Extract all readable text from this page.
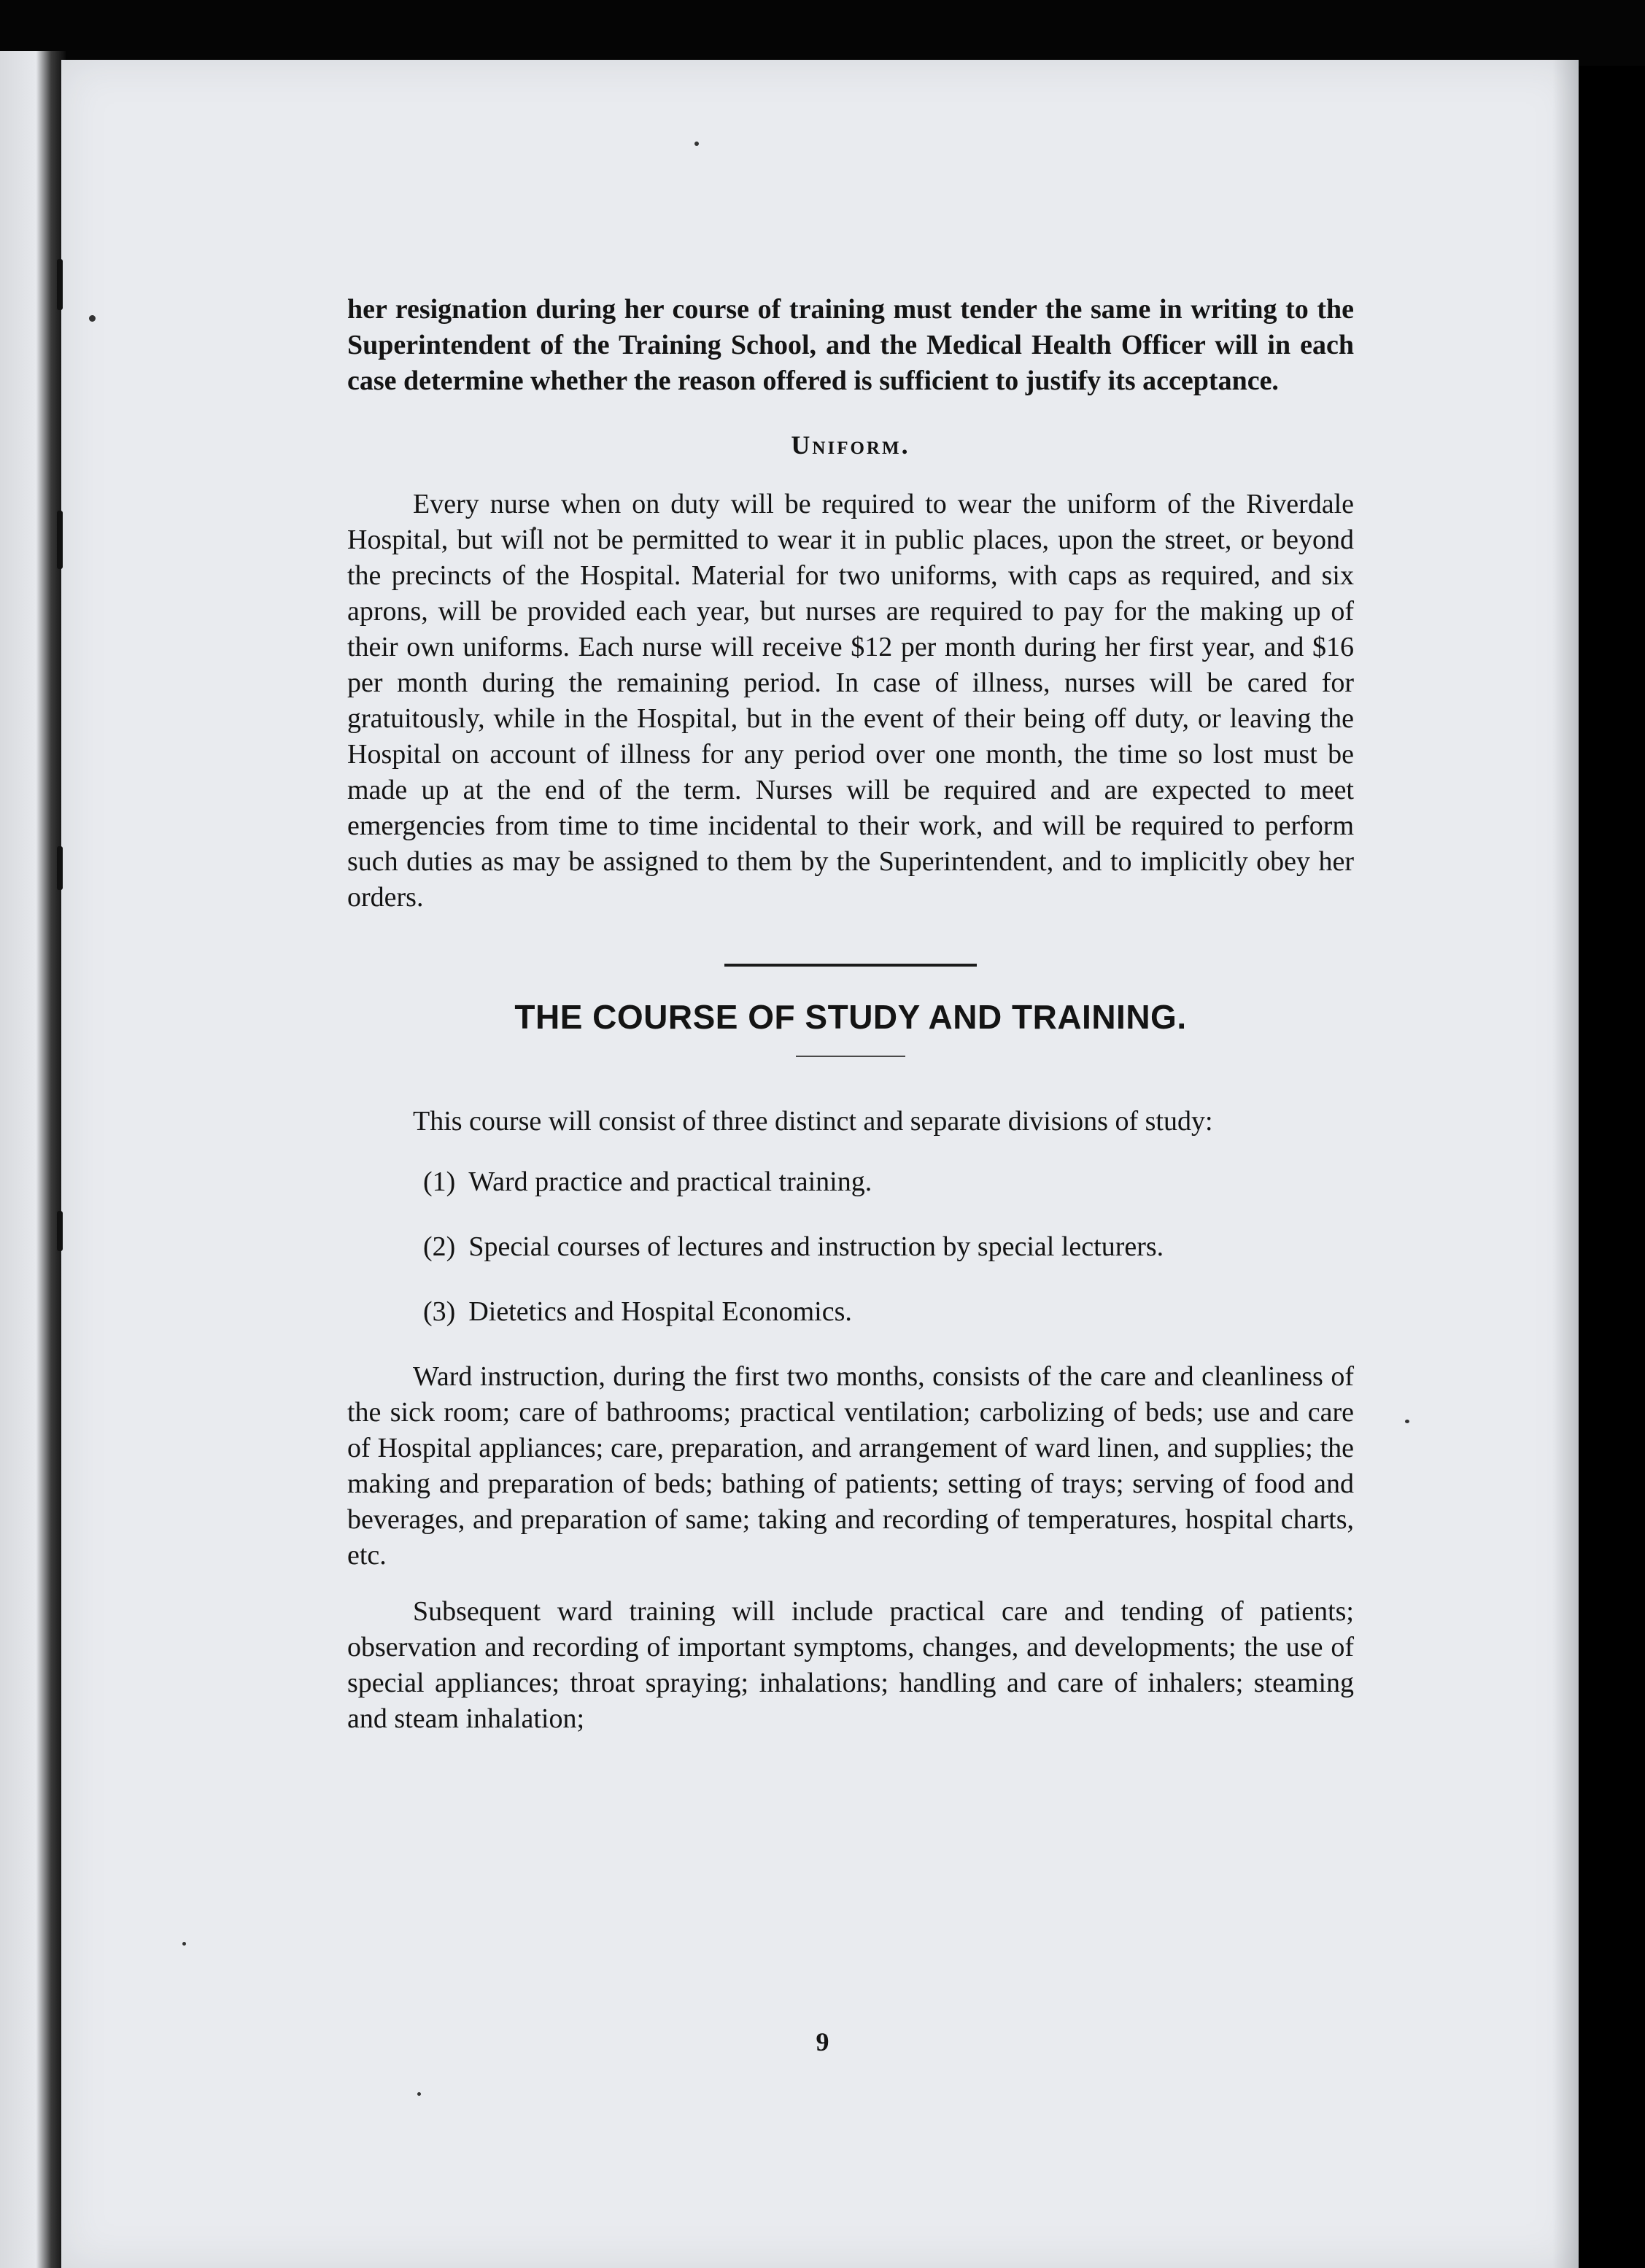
her resignation during her course of training must tender the same in writing to the Superintendent of the Training School, and the Medical Health Officer will in each case determine whether the reason offered is sufficient to justify its acceptance.

Uniform.

Every nurse when on duty will be required to wear the uniform of the Riverdale Hospital, but will not be permitted to wear it in public places, upon the street, or beyond the precincts of the Hospital. Material for two uniforms, with caps as required, and six aprons, will be provided each year, but nurses are required to pay for the making up of their own uniforms. Each nurse will receive $12 per month during her first year, and $16 per month during the remaining period. In case of illness, nurses will be cared for gratuitously, while in the Hospital, but in the event of their being off duty, or leaving the Hospital on account of illness for any period over one month, the time so lost must be made up at the end of the term. Nurses will be required and are expected to meet emergencies from time to time incidental to their work, and will be required to perform such duties as may be assigned to them by the Superintendent, and to implicitly obey her orders.

THE COURSE OF STUDY AND TRAINING.

This course will consist of three distinct and separate divisions of study:

(1) Ward practice and practical training.
(2) Special courses of lectures and instruction by special lecturers.
(3) Dietetics and Hospital Economics.

Ward instruction, during the first two months, consists of the care and cleanliness of the sick room; care of bathrooms; practical ventilation; carbolizing of beds; use and care of Hospital appliances; care, preparation, and arrangement of ward linen, and supplies; the making and preparation of beds; bathing of patients; setting of trays; serving of food and beverages, and preparation of same; taking and recording of temperatures, hospital charts, etc.

Subsequent ward training will include practical care and tending of patients; observation and recording of important symptoms, changes, and developments; the use of special appliances; throat spraying; inhalations; handling and care of inhalers; steaming and steam inhalation;

9
